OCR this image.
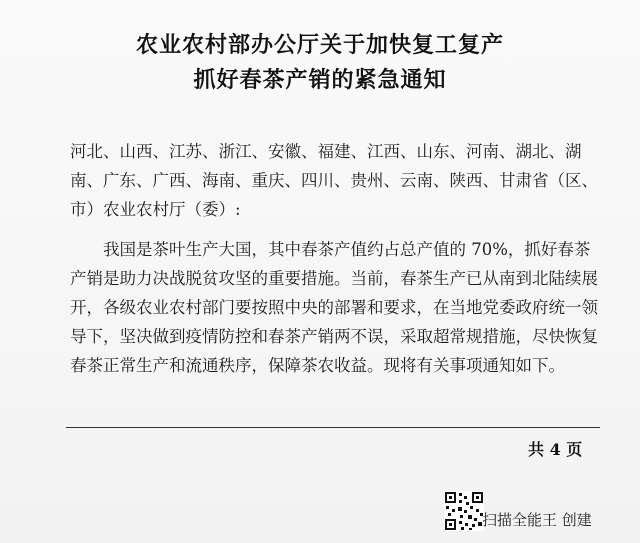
农业农村部办公厅关于加快复工复产
抓好春茶产销的紧急通知
河北、山西、江苏、浙江、安徽、福建、江西、山东、河南、湖北、湖南、广东、广西、海南、重庆、四川、贵州、云南、陕西、甘肃省（区、市）农业农村厅（委）:
我国是茶叶生产大国，其中春茶产值约占总产值的 70%，抓好春茶产销是助力决战脱贫攻坚的重要措施。当前，春茶生产已从南到北陆续展开，各级农业农村部门要按照中央的部署和要求，在当地党委政府统一领导下，坚决做到疫情防控和春茶产销两不误，采取超常规措施，尽快恢复春茶正常生产和流通秩序，保障茶农收益。现将有关事项通知如下。
共 4 页
扫描全能王 创建
